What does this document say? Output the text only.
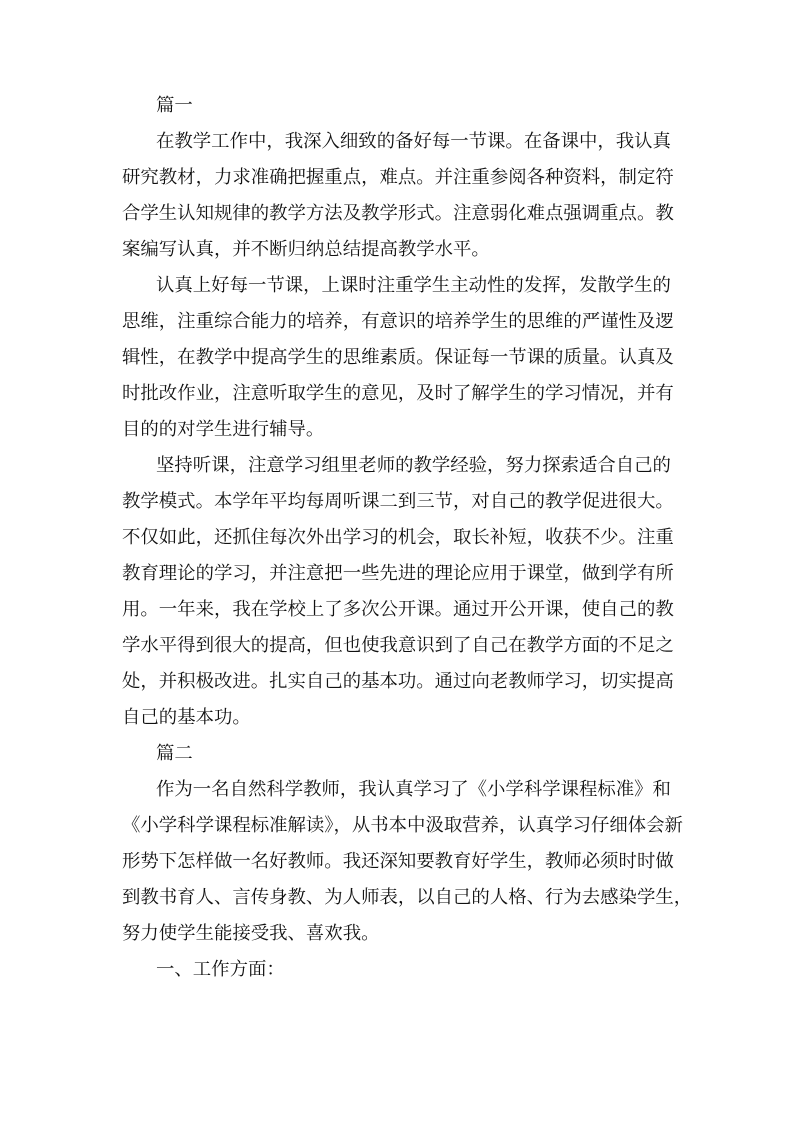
篇一
在教学工作中，我深入细致的备好每一节课。在备课中，我认真
研究教材，力求准确把握重点，难点。并注重参阅各种资料，制定符
合学生认知规律的教学方法及教学形式。注意弱化难点强调重点。教
案编写认真，并不断归纳总结提高教学水平。
认真上好每一节课，上课时注重学生主动性的发挥，发散学生的
思维，注重综合能力的培养，有意识的培养学生的思维的严谨性及逻
辑性，在教学中提高学生的思维素质。保证每一节课的质量。认真及
时批改作业，注意听取学生的意见，及时了解学生的学习情况，并有
目的的对学生进行辅导。
坚持听课，注意学习组里老师的教学经验，努力探索适合自己的
教学模式。本学年平均每周听课二到三节，对自己的教学促进很大。
不仅如此，还抓住每次外出学习的机会，取长补短，收获不少。注重
教育理论的学习，并注意把一些先进的理论应用于课堂，做到学有所
用。一年来，我在学校上了多次公开课。通过开公开课，使自己的教
学水平得到很大的提高，但也使我意识到了自己在教学方面的不足之
处，并积极改进。扎实自己的基本功。通过向老教师学习，切实提高
自己的基本功。
篇二
作为一名自然科学教师，我认真学习了《小学科学课程标准》和
《小学科学课程标准解读》，从书本中汲取营养，认真学习仔细体会新
形势下怎样做一名好教师。我还深知要教育好学生，教师必须时时做
到教书育人、言传身教、为人师表，以自己的人格、行为去感染学生，
努力使学生能接受我、喜欢我。
一、工作方面：
